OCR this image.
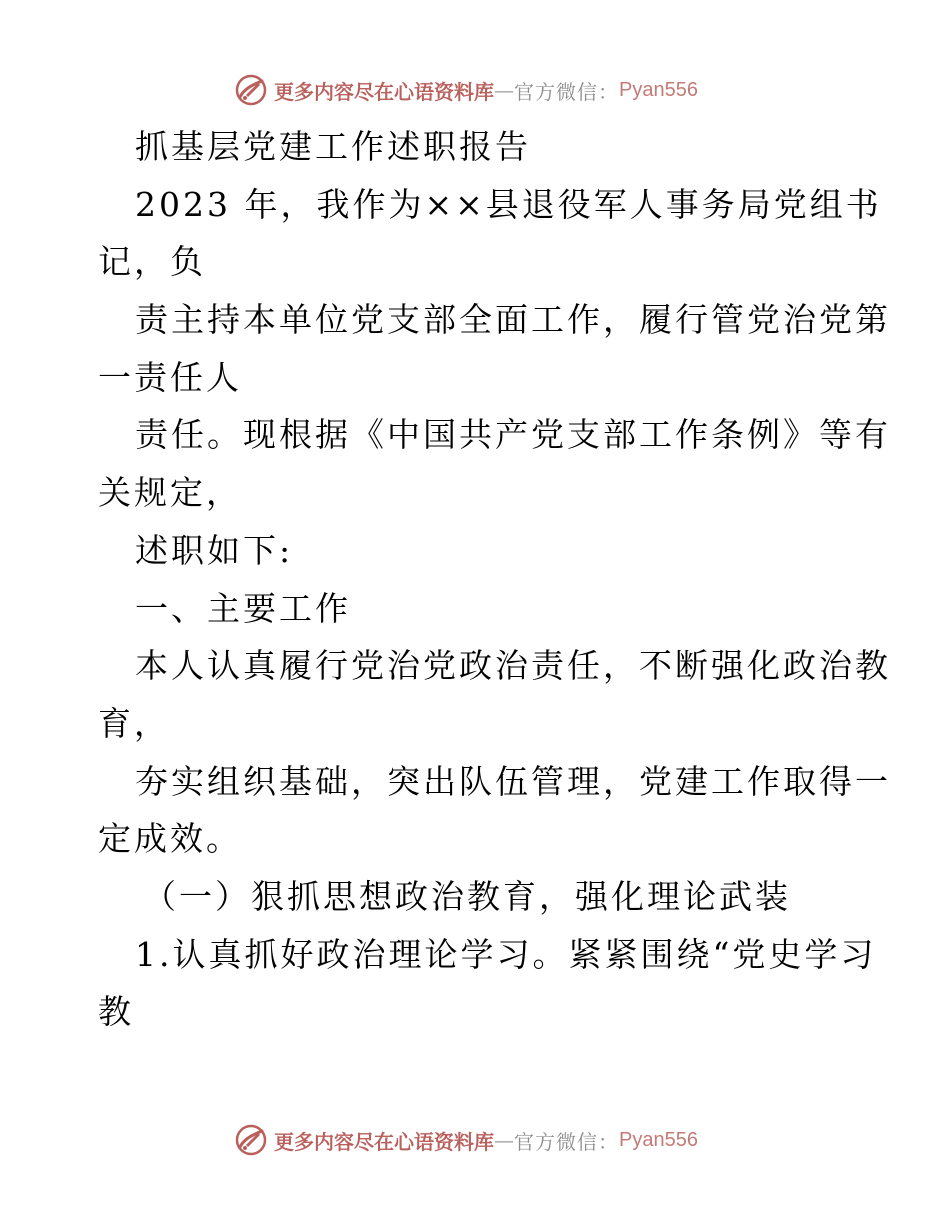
更多内容尽在心语资料库 — 官方微信： Pyan556
抓基层党建工作述职报告
2023 年，我作为××县退役军人事务局党组书
记，负
责主持本单位党支部全面工作，履行管党治党第
一责任人
责任。现根据《中国共产党支部工作条例》等有
关规定，
述职如下:
一、主要工作
本人认真履行党治党政治责任，不断强化政治教
育，
夯实组织基础，突出队伍管理，党建工作取得一
定成效。
（一）狠抓思想政治教育，强化理论武装
1.认真抓好政治理论学习。紧紧围绕“党史学习
教
更多内容尽在心语资料库 — 官方微信： Pyan556
